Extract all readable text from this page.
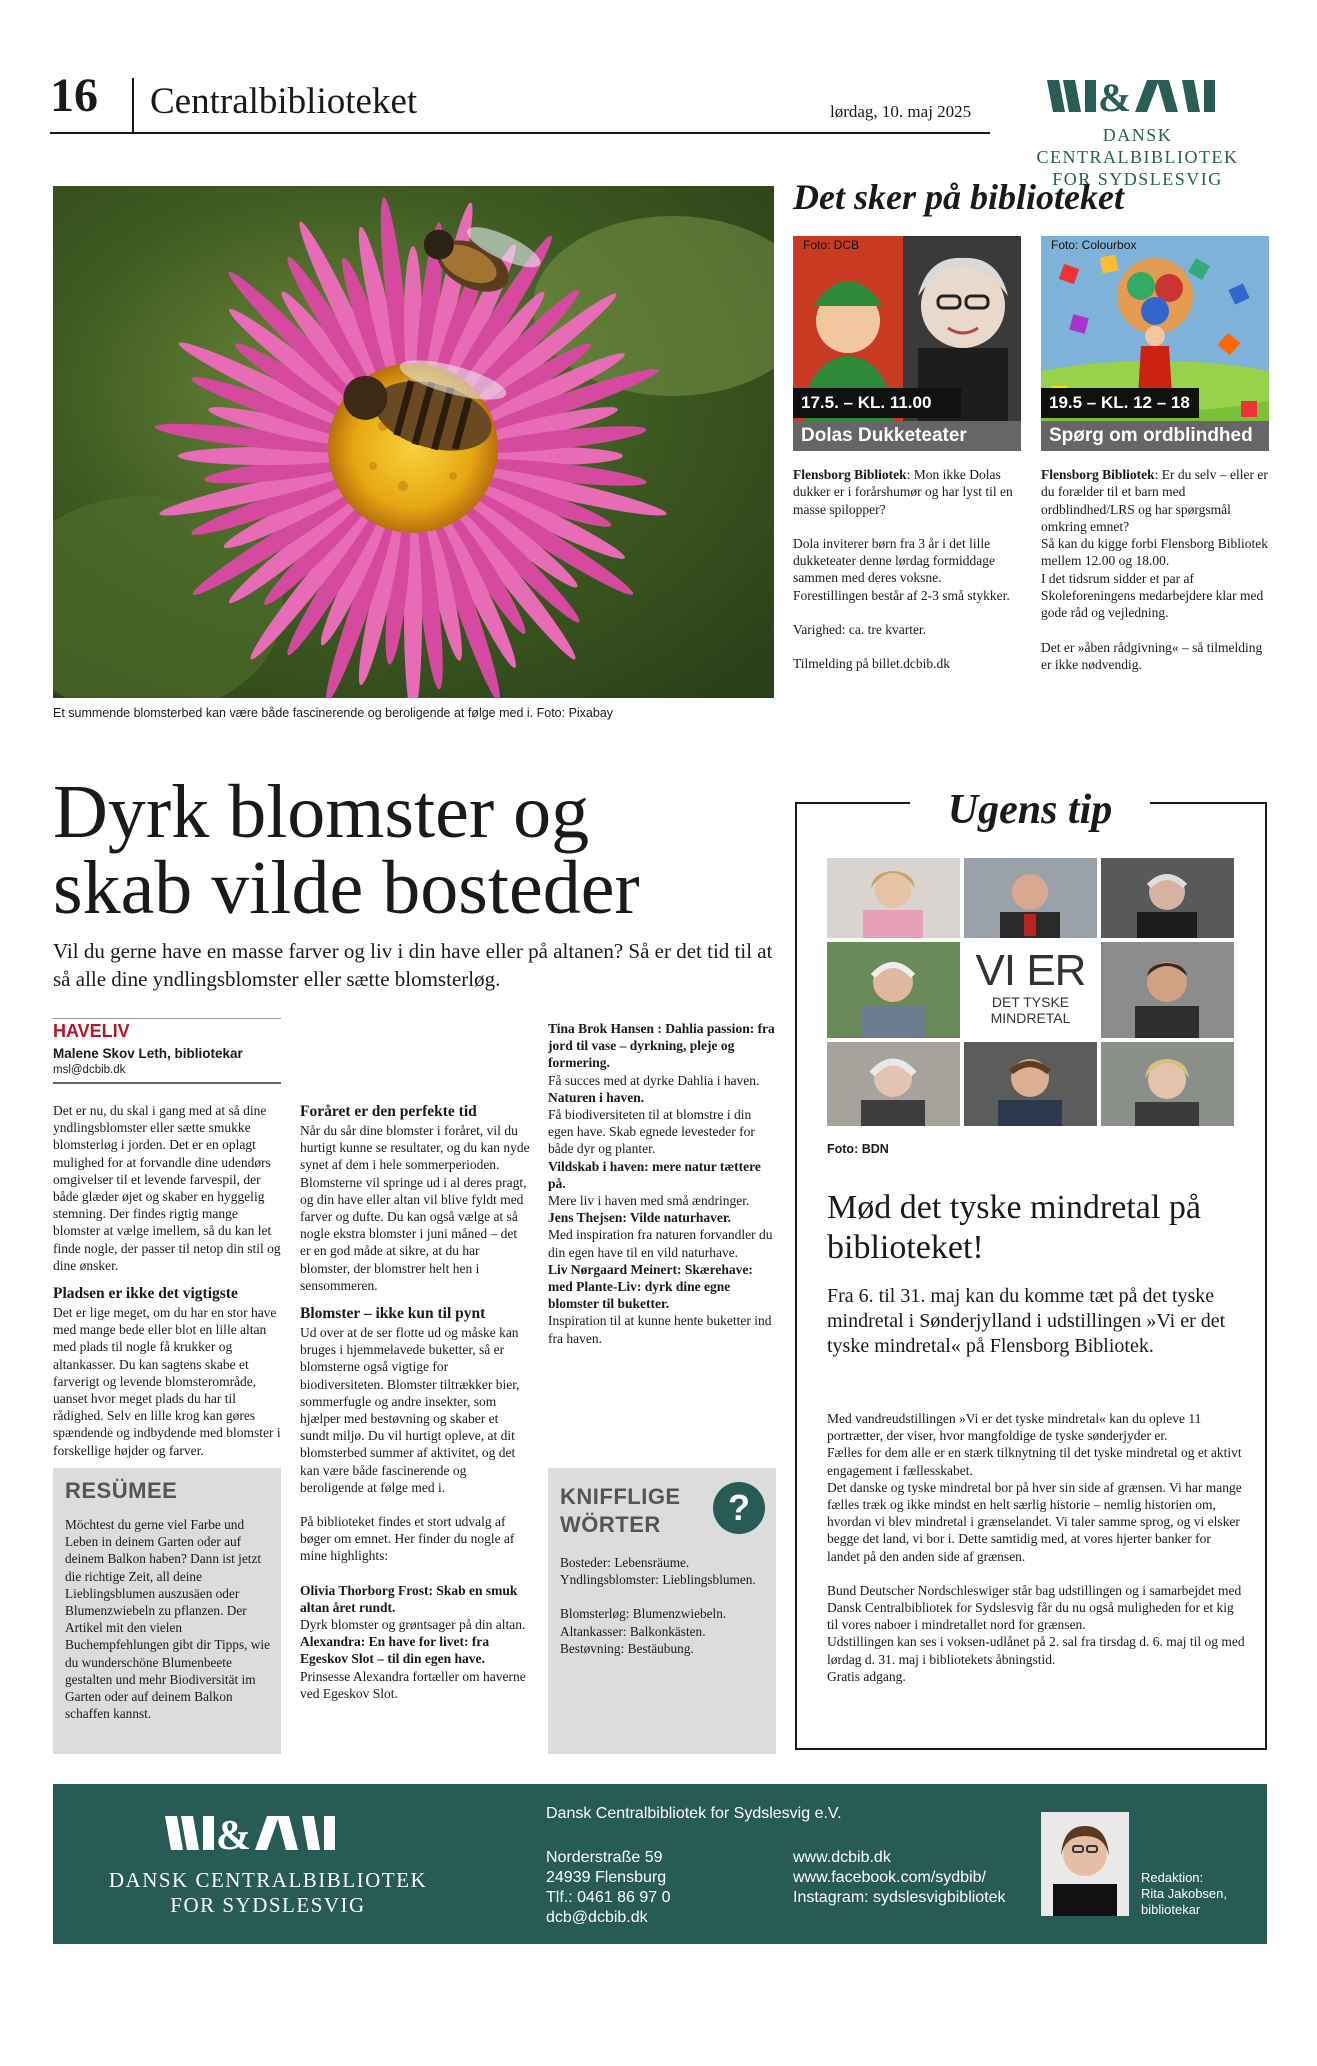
16 Centralbiblioteket	lørdag, 10. maj 2025	&
DANSK CENTRALBIBLIOTEK
FOR SYDSLESVIG
Et summende blomsterbed kan være både fascinerende og beroligende at følge med i. Foto: Pixabay
Det sker på biblioteket
Foto: DCB
17.5. – KL. 11.00
Dolas Dukketeater

Flensborg Bibliotek: Mon ikke Dolas dukker er i forårshumør og har lyst til en masse spilopper?

Dola inviterer børn fra 3 år i det lille dukketeater denne lørdag formiddage sammen med deres voksne.

Forestillingen består af 2-3 små stykker.

Varighed: ca. tre kvarter.

Tilmelding på billet.dcbib.dk

Foto: Colourbox
19.5 – KL. 12 – 18
Spørg om ordblindhed

Flensborg Bibliotek: Er du selv – eller er du forælder til et barn med ordblindhed/LRS og har spørgsmål omkring emnet?

Så kan du kigge forbi Flensborg Bibliotek mellem 12.00 og 18.00.

I det tidsrum sidder et par af Skoleforeningens medarbejdere klar med gode råd og vejledning.

Det er »åben rådgivning« – så tilmelding er ikke nødvendig.

Dyrk blomster og
skab vilde bosteder
Vil du gerne have en masse farver og liv i din have eller på altanen? Så er det tid til at så alle dine yndlingsblomster eller sætte blomsterløg.
HAVELIV
Malene Skov Leth, bibliotekar
msl@dcbib.dk

Det er nu, du skal i gang med at så dine yndlingsblomster eller sætte smukke blomsterløg i jorden. Det er en oplagt mulighed for at forvandle dine udendørs omgivelser til et levende farvespil, der både glæder øjet og skaber en hyggelig stemning. Der findes rigtig mange blomster at vælge imellem, så du kan let finde nogle, der passer til netop din stil og dine ønsker.

Pladsen er ikke det vigtigste

Det er lige meget, om du har en stor have med mange bede eller blot en lille altan med plads til nogle få krukker og altankasser. Du kan sagtens skabe et farverigt og levende blomsterområde, uanset hvor meget plads du har til rådighed. Selv en lille krog kan gøres spændende og indbydende med blomster i forskellige højder og farver.

Foråret er den perfekte tid

Når du sår dine blomster i foråret, vil du hurtigt kunne se resultater, og du kan nyde synet af dem i hele sommerperioden. Blomsterne vil springe ud i al deres pragt, og din have eller altan vil blive fyldt med farver og dufte. Du kan også vælge at så nogle ekstra blomster i juni måned – det er en god måde at sikre, at du har blomster, der blomstrer helt hen i sensommeren.

Blomster – ikke kun til pynt

Ud over at de ser flotte ud og måske kan bruges i hjemmelavede buketter, så er blomsterne også vigtige for biodiversiteten. Blomster tiltrækker bier, sommerfugle og andre insekter, som hjælper med bestøvning og skaber et sundt miljø. Du vil hurtigt opleve, at dit blomsterbed summer af aktivitet, og det kan være både fascinerende og beroligende at følge med i.

På biblioteket findes et stort udvalg af bøger om emnet. Her finder du nogle af mine highlights:

Olivia Thorborg Frost: Skab en smuk altan året rundt.

Dyrk blomster og grøntsager på din altan.

Alexandra: En have for livet: fra Egeskov Slot – til din egen have.

Prinsesse Alexandra fortæller om haverne ved Egeskov Slot.

Tina Brok Hansen : Dahlia passion: fra jord til vase – dyrkning, pleje og formering.

Få succes med at dyrke Dahlia i haven.

Naturen i haven.

Få biodiversiteten til at blomstre i din egen have. Skab egnede levesteder for både dyr og planter.

Vildskab i haven: mere natur tættere på.

Mere liv i haven med små ændringer.

Jens Thejsen: Vilde naturhaver.

Med inspiration fra naturen forvandler du din egen have til en vild naturhave.

Liv Nørgaard Meinert: Skærehave: med Plante-Liv: dyrk dine egne blomster til buketter.

Inspiration til at kunne hente buketter ind fra haven.

RESÜMEE

Möchtest du gerne viel Farbe und Leben in deinem Garten oder auf deinem Balkon haben? Dann ist jetzt die richtige Zeit, all deine Lieblingsblumen auszusäen oder Blumenzwiebeln zu pflanzen. Der Artikel mit den vielen Buchempfehlungen gibt dir Tipps, wie du wunderschöne Blumenbeete gestalten und mehr Biodiversität im Garten oder auf deinem Balkon schaffen kannst.

KNIFFLIGE
WÖRTER	?

Bosteder: Lebensräume.

Yndlingsblomster: Lieblingsblumen.

Blomsterløg: Blumenzwiebeln.

Altankasser: Balkonkästen.

Bestøvning: Bestäubung.

Ugens tip
VI ER
DET TYSKE
MINDRETAL
Foto: BDN
Mød det tyske mindretal på biblioteket!
Fra 6. til 31. maj kan du komme tæt på det tyske mindretal i Sønderjylland i udstillingen »Vi er det tyske mindretal« på Flensborg Bibliotek.

Med vandreudstillingen »Vi er det tyske mindretal« kan du opleve 11 portrætter, der viser, hvor mangfoldige de tyske sønderjyder er.

Fælles for dem alle er en stærk tilknytning til det tyske mindretal og et aktivt engagement i fællesskabet.

Det danske og tyske mindretal bor på hver sin side af grænsen. Vi har mange fælles træk og ikke mindst en helt særlig historie – nemlig historien om, hvordan vi blev mindretal i grænselandet. Vi taler samme sprog, og vi elsker begge det land, vi bor i. Dette samtidig med, at vores hjerter banker for landet på den anden side af grænsen.

Bund Deutscher Nordschleswiger står bag udstillingen og i samarbejdet med Dansk Centralbibliotek for Sydslesvig får du nu også muligheden for et kig til vores naboer i mindretallet nord for grænsen.

Udstillingen kan ses i voksen-udlånet på 2. sal fra tirsdag d. 6. maj til og med lørdag d. 31. maj i bibliotekets åbningstid.

Gratis adgang.

&
DANSK CENTRALBIBLIOTEK
FOR SYDSLESVIG
Dansk Centralbibliotek for Sydslesvig e.V.
Norderstraße 59
24939 Flensburg
Tlf.: 0461 86 97 0
dcb@dcbib.dk
www.dcbib.dk
www.facebook.com/sydbib/
Instagram: sydslesvigbibliotek
Redaktion:
Rita Jakobsen,
bibliotekar
